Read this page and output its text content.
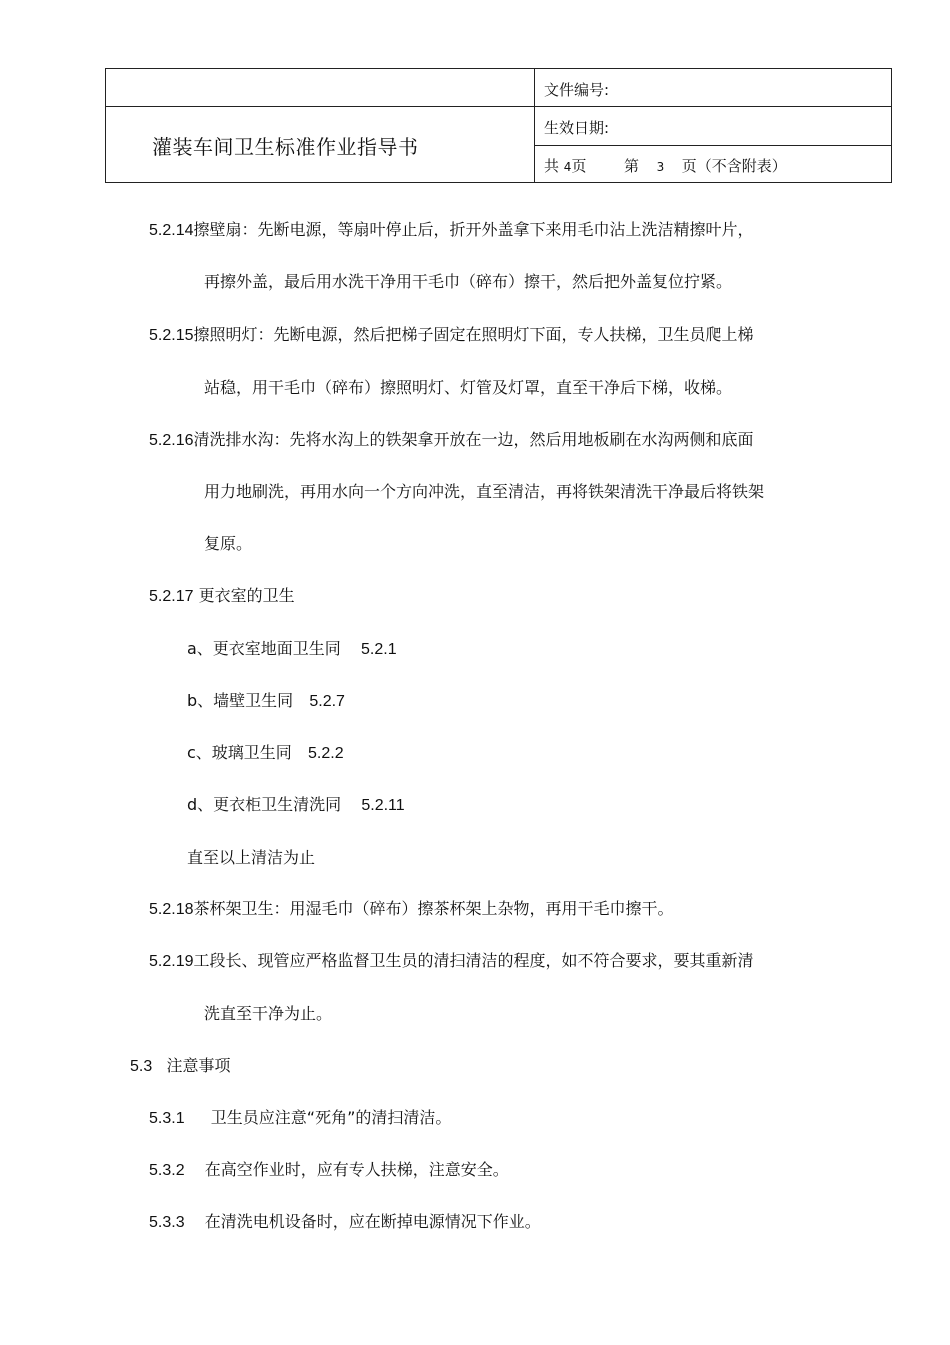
灌装车间卫生标准作业指导书
文件编号:
生效日期:
共 4页	第 3 页（不含附表）
5.2.14擦壁扇：先断电源，等扇叶停止后，折开外盖拿下来用毛巾沾上洗洁精擦叶片，
再擦外盖，最后用水洗干净用干毛巾（碎布）擦干，然后把外盖复位拧紧。
5.2.15擦照明灯：先断电源，然后把梯子固定在照明灯下面，专人扶梯，卫生员爬上梯
站稳，用干毛巾（碎布）擦照明灯、灯管及灯罩，直至干净后下梯，收梯。
5.2.16清洗排水沟：先将水沟上的铁架拿开放在一边，然后用地板刷在水沟两侧和底面
用力地刷洗，再用水向一个方向冲洗，直至清洁，再将铁架清洗干净最后将铁架
复原。
5.2.17 更衣室的卫生
a、更衣室地面卫生同 5.2.1
b、墙壁卫生同 5.2.7
c、玻璃卫生同 5.2.2
d、更衣柜卫生清洗同 5.2.11
直至以上清洁为止
5.2.18茶杯架卫生：用湿毛巾（碎布）擦茶杯架上杂物，再用干毛巾擦干。
5.2.19工段长、现管应严格监督卫生员的清扫清洁的程度，如不符合要求，要其重新清
洗直至干净为止。
5.3 注意事项
5.3.1 卫生员应注意“死角”的清扫清洁。
5.3.2 在高空作业时，应有专人扶梯，注意安全。
5.3.3 在清洗电机设备时，应在断掉电源情况下作业。
